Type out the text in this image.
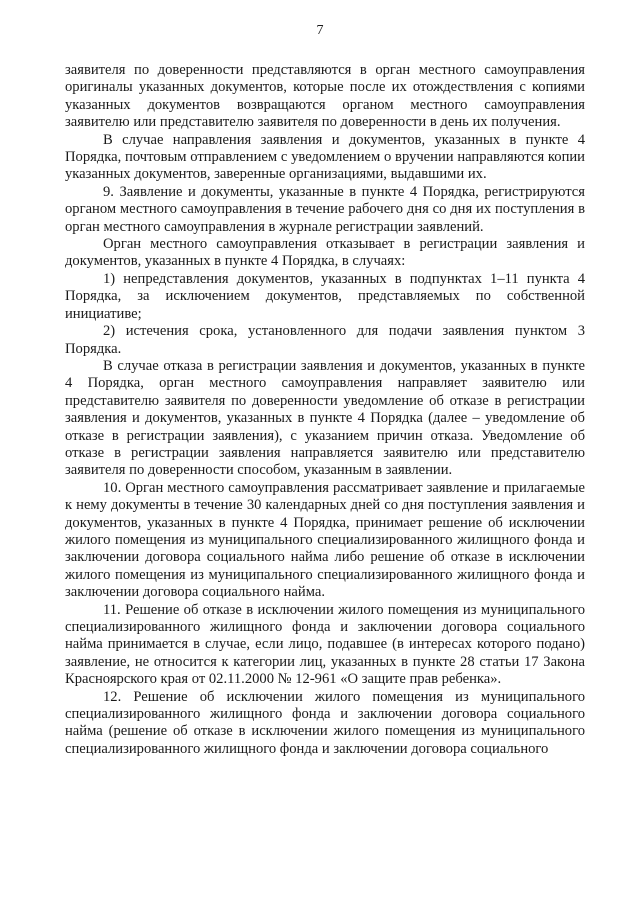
7

заявителя по доверенности представляются в орган местного самоуправления оригиналы указанных документов, которые после их отождествления с копиями указанных документов возвращаются органом местного самоуправления заявителю или представителю заявителя по доверенности в день их получения.

В случае направления заявления и документов, указанных в пункте 4 Порядка, почтовым отправлением с уведомлением о вручении направляются копии указанных документов, заверенные организациями, выдавшими их.

9. Заявление и документы, указанные в пункте 4 Порядка, регистрируются органом местного самоуправления в течение рабочего дня со дня их поступления в орган местного самоуправления в журнале регистрации заявлений.

Орган местного самоуправления отказывает в регистрации заявления и документов, указанных в пункте 4 Порядка, в случаях:

1) непредставления документов, указанных в подпунктах 1–11 пункта 4 Порядка, за исключением документов, представляемых по собственной инициативе;

2) истечения срока, установленного для подачи заявления пунктом 3 Порядка.

В случае отказа в регистрации заявления и документов, указанных в пункте 4 Порядка, орган местного самоуправления направляет заявителю или представителю заявителя по доверенности уведомление об отказе в регистрации заявления и документов, указанных в пункте 4 Порядка (далее – уведомление об отказе в регистрации заявления), с указанием причин отказа. Уведомление об отказе в регистрации заявления направляется заявителю или представителю заявителя по доверенности способом, указанным в заявлении.

10. Орган местного самоуправления рассматривает заявление и прилагаемые к нему документы в течение 30 календарных дней со дня поступления заявления и документов, указанных в пункте 4 Порядка, принимает решение об исключении жилого помещения из муниципального специализированного жилищного фонда и заключении договора социального найма либо решение об отказе в исключении жилого помещения из муниципального специализированного жилищного фонда и заключении договора социального найма.

11. Решение об отказе в исключении жилого помещения из муниципального специализированного жилищного фонда и заключении договора социального найма принимается в случае, если лицо, подавшее (в интересах которого подано) заявление, не относится к категории лиц, указанных в пункте 28 статьи 17 Закона Красноярского края от 02.11.2000 № 12-961 «О защите прав ребенка».

12. Решение об исключении жилого помещения из муниципального специализированного жилищного фонда и заключении договора социального найма (решение об отказе в исключении жилого помещения из муниципального специализированного жилищного фонда и заключении договора социального
